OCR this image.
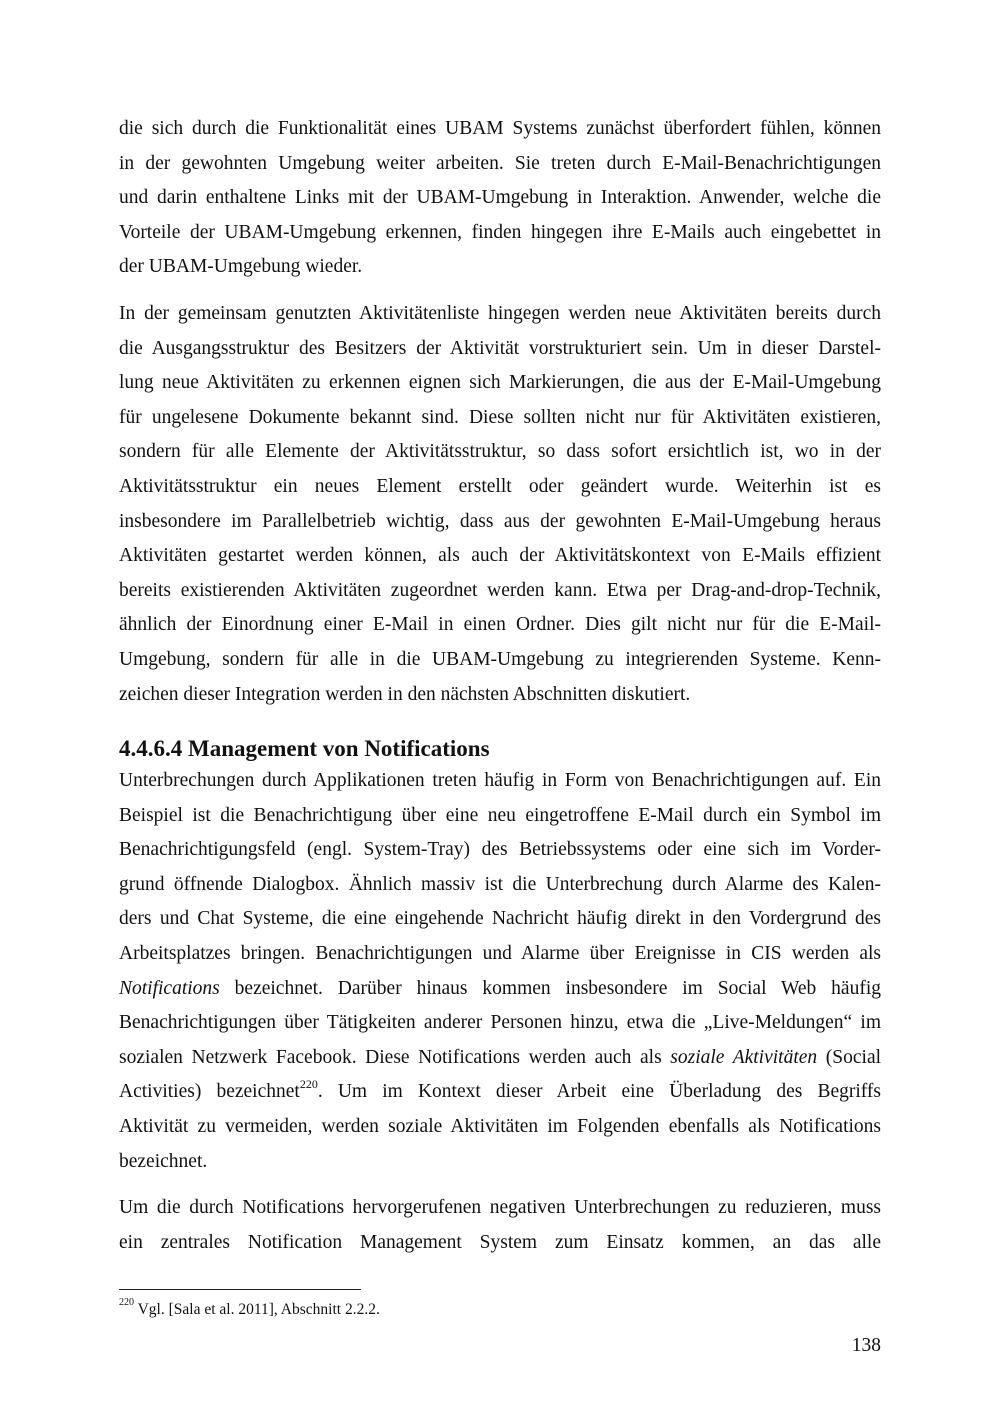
die sich durch die Funktionalität eines UBAM Systems zunächst überfordert fühlen, können
in der gewohnten Umgebung weiter arbeiten. Sie treten durch E-Mail-Benachrichtigungen
und darin enthaltene Links mit der UBAM-Umgebung in Interaktion. Anwender, welche die
Vorteile der UBAM-Umgebung erkennen, finden hingegen ihre E-Mails auch eingebettet in
der UBAM-Umgebung wieder.

In der gemeinsam genutzten Aktivitätenliste hingegen werden neue Aktivitäten bereits durch
die Ausgangsstruktur des Besitzers der Aktivität vorstrukturiert sein. Um in dieser Darstel-
lung neue Aktivitäten zu erkennen eignen sich Markierungen, die aus der E-Mail-Umgebung
für ungelesene Dokumente bekannt sind. Diese sollten nicht nur für Aktivitäten existieren,
sondern für alle Elemente der Aktivitätsstruktur, so dass sofort ersichtlich ist, wo in der
Aktivitätsstruktur ein neues Element erstellt oder geändert wurde. Weiterhin ist es
insbesondere im Parallelbetrieb wichtig, dass aus der gewohnten E-Mail-Umgebung heraus
Aktivitäten gestartet werden können, als auch der Aktivitätskontext von E-Mails effizient
bereits existierenden Aktivitäten zugeordnet werden kann. Etwa per Drag-and-drop-Technik,
ähnlich der Einordnung einer E-Mail in einen Ordner. Dies gilt nicht nur für die E-Mail-
Umgebung, sondern für alle in die UBAM-Umgebung zu integrierenden Systeme. Kenn-
zeichen dieser Integration werden in den nächsten Abschnitten diskutiert.

4.4.6.4 Management von Notifications

Unterbrechungen durch Applikationen treten häufig in Form von Benachrichtigungen auf. Ein
Beispiel ist die Benachrichtigung über eine neu eingetroffene E-Mail durch ein Symbol im
Benachrichtigungsfeld (engl. System-Tray) des Betriebssystems oder eine sich im Vorder-
grund öffnende Dialogbox. Ähnlich massiv ist die Unterbrechung durch Alarme des Kalen-
ders und Chat Systeme, die eine eingehende Nachricht häufig direkt in den Vordergrund des
Arbeitsplatzes bringen. Benachrichtigungen und Alarme über Ereignisse in CIS werden als
Notifications bezeichnet. Darüber hinaus kommen insbesondere im Social Web häufig
Benachrichtigungen über Tätigkeiten anderer Personen hinzu, etwa die „Live-Meldungen“ im
sozialen Netzwerk Facebook. Diese Notifications werden auch als soziale Aktivitäten (Social
Activities) bezeichnet$^{220}$. Um im Kontext dieser Arbeit eine Überladung des Begriffs
Aktivität zu vermeiden, werden soziale Aktivitäten im Folgenden ebenfalls als Notifications
bezeichnet.

Um die durch Notifications hervorgerufenen negativen Unterbrechungen zu reduzieren, muss
ein zentrales Notification Management System zum Einsatz kommen, an das alle

$^{220}$ Vgl. [Sala et al. 2011], Abschnitt 2.2.2.
138
